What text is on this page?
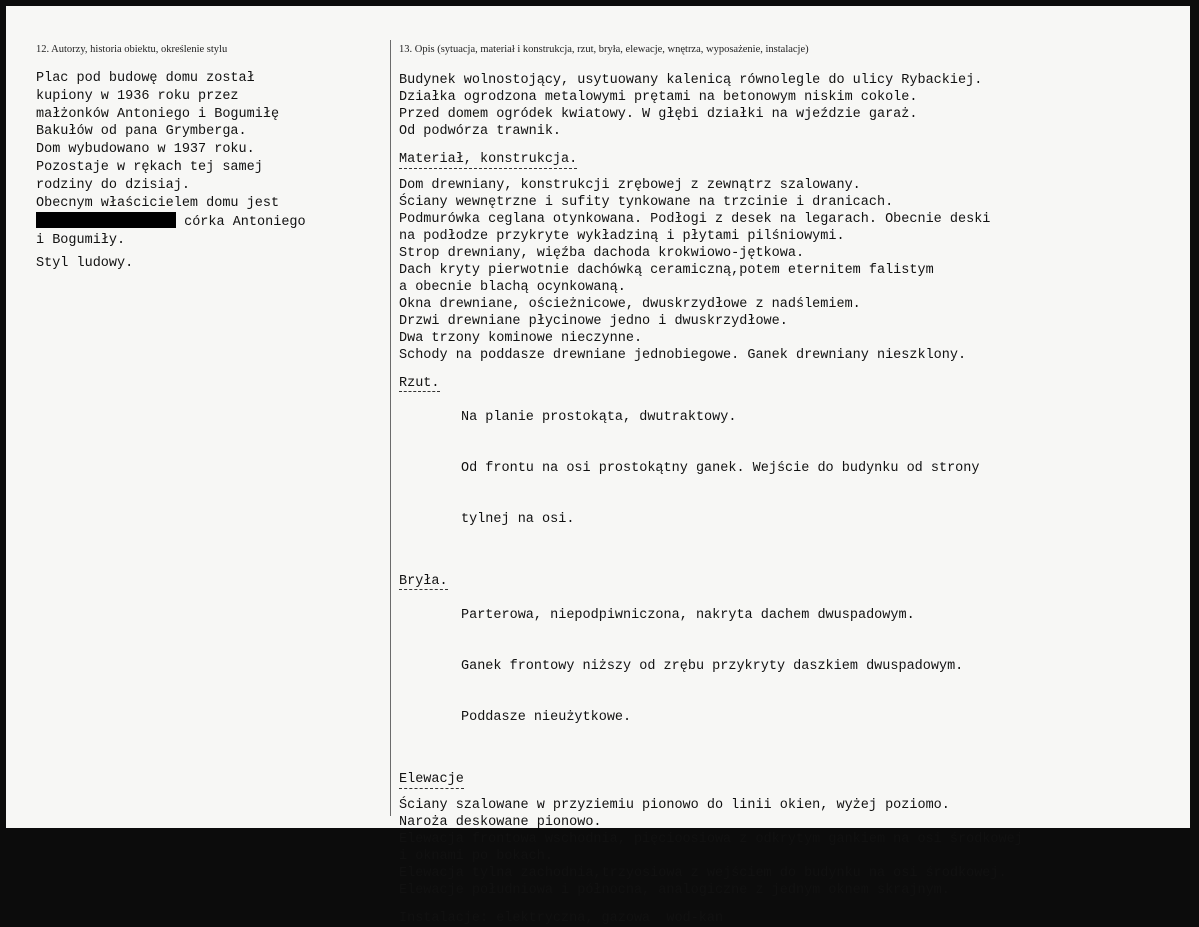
12. Autorzy, historia obiektu, określenie stylu	13. Opis (sytuacja, materiał i konstrukcja, rzut, bryła, elewacje, wnętrza, wyposażenie, instalacje)

Plac pod budowę domu został

kupiony w 1936 roku przez

małżonków Antoniego i Bogumiłę

Bakułów od pana Grymberga.

Dom wybudowano w 1937 roku.

Pozostaje w rękach tej samej

rodziny do dzisiaj.

Obecnym właścicielem domu jest

córka Antoniego

i Bogumiły.

Styl ludowy.

Budynek wolnostojący, usytuowany kalenicą równolegle do ulicy Rybackiej.

Działka ogrodzona metalowymi prętami na betonowym niskim cokole.

Przed domem ogródek kwiatowy. W głębi działki na wjeździe garaż.

Od podwórza trawnik.

Materiał, konstrukcja.

Dom drewniany, konstrukcji zrębowej z zewnątrz szalowany.

Ściany wewnętrzne i sufity tynkowane na trzcinie i dranicach.

Podmurówka ceglana otynkowana. Podłogi z desek na legarach. Obecnie deski

na podłodze przykryte wykładziną i płytami pilśniowymi.

Strop drewniany, więźba dachoda krokwiowo-jętkowa.

Dach kryty pierwotnie dachówką ceramiczną,potem eternitem falistym

a obecnie blachą ocynkowaną.

Okna drewniane, ościeżnicowe, dwuskrzydłowe z nadślemiem.

Drzwi drewniane płycinowe jedno i dwuskrzydłowe.

Dwa trzony kominowe nieczynne.

Schody na poddasze drewniane jednobiegowe. Ganek drewniany nieszklony.

Rzut.

Na planie prostokąta, dwutraktowy.

Od frontu na osi prostokątny ganek. Wejście do budynku od strony

tylnej na osi.

Bryła.

Parterowa, niepodpiwniczona, nakryta dachem dwuspadowym.

Ganek frontowy niższy od zrębu przykryty daszkiem dwuspadowym.

Poddasze nieużytkowe.

Elewacje

Ściany szalowane w przyziemiu pionowo do linii okien, wyżej poziomo.

Naroża deskowane pionowo.

Elewacja frontowa wschodnia, pięcioosiowa z odkrytym gankiem na osi środkowej

i oknami po bokach.

Elewacja tylna zachodnia,trzyosiowa z wejściem do budynku na osi środkowej.

Elewacje południowa i północna, analogiczne z jednym oknem skrajnym.

Instalacje: elektryczna, gazowa  wod-kan
